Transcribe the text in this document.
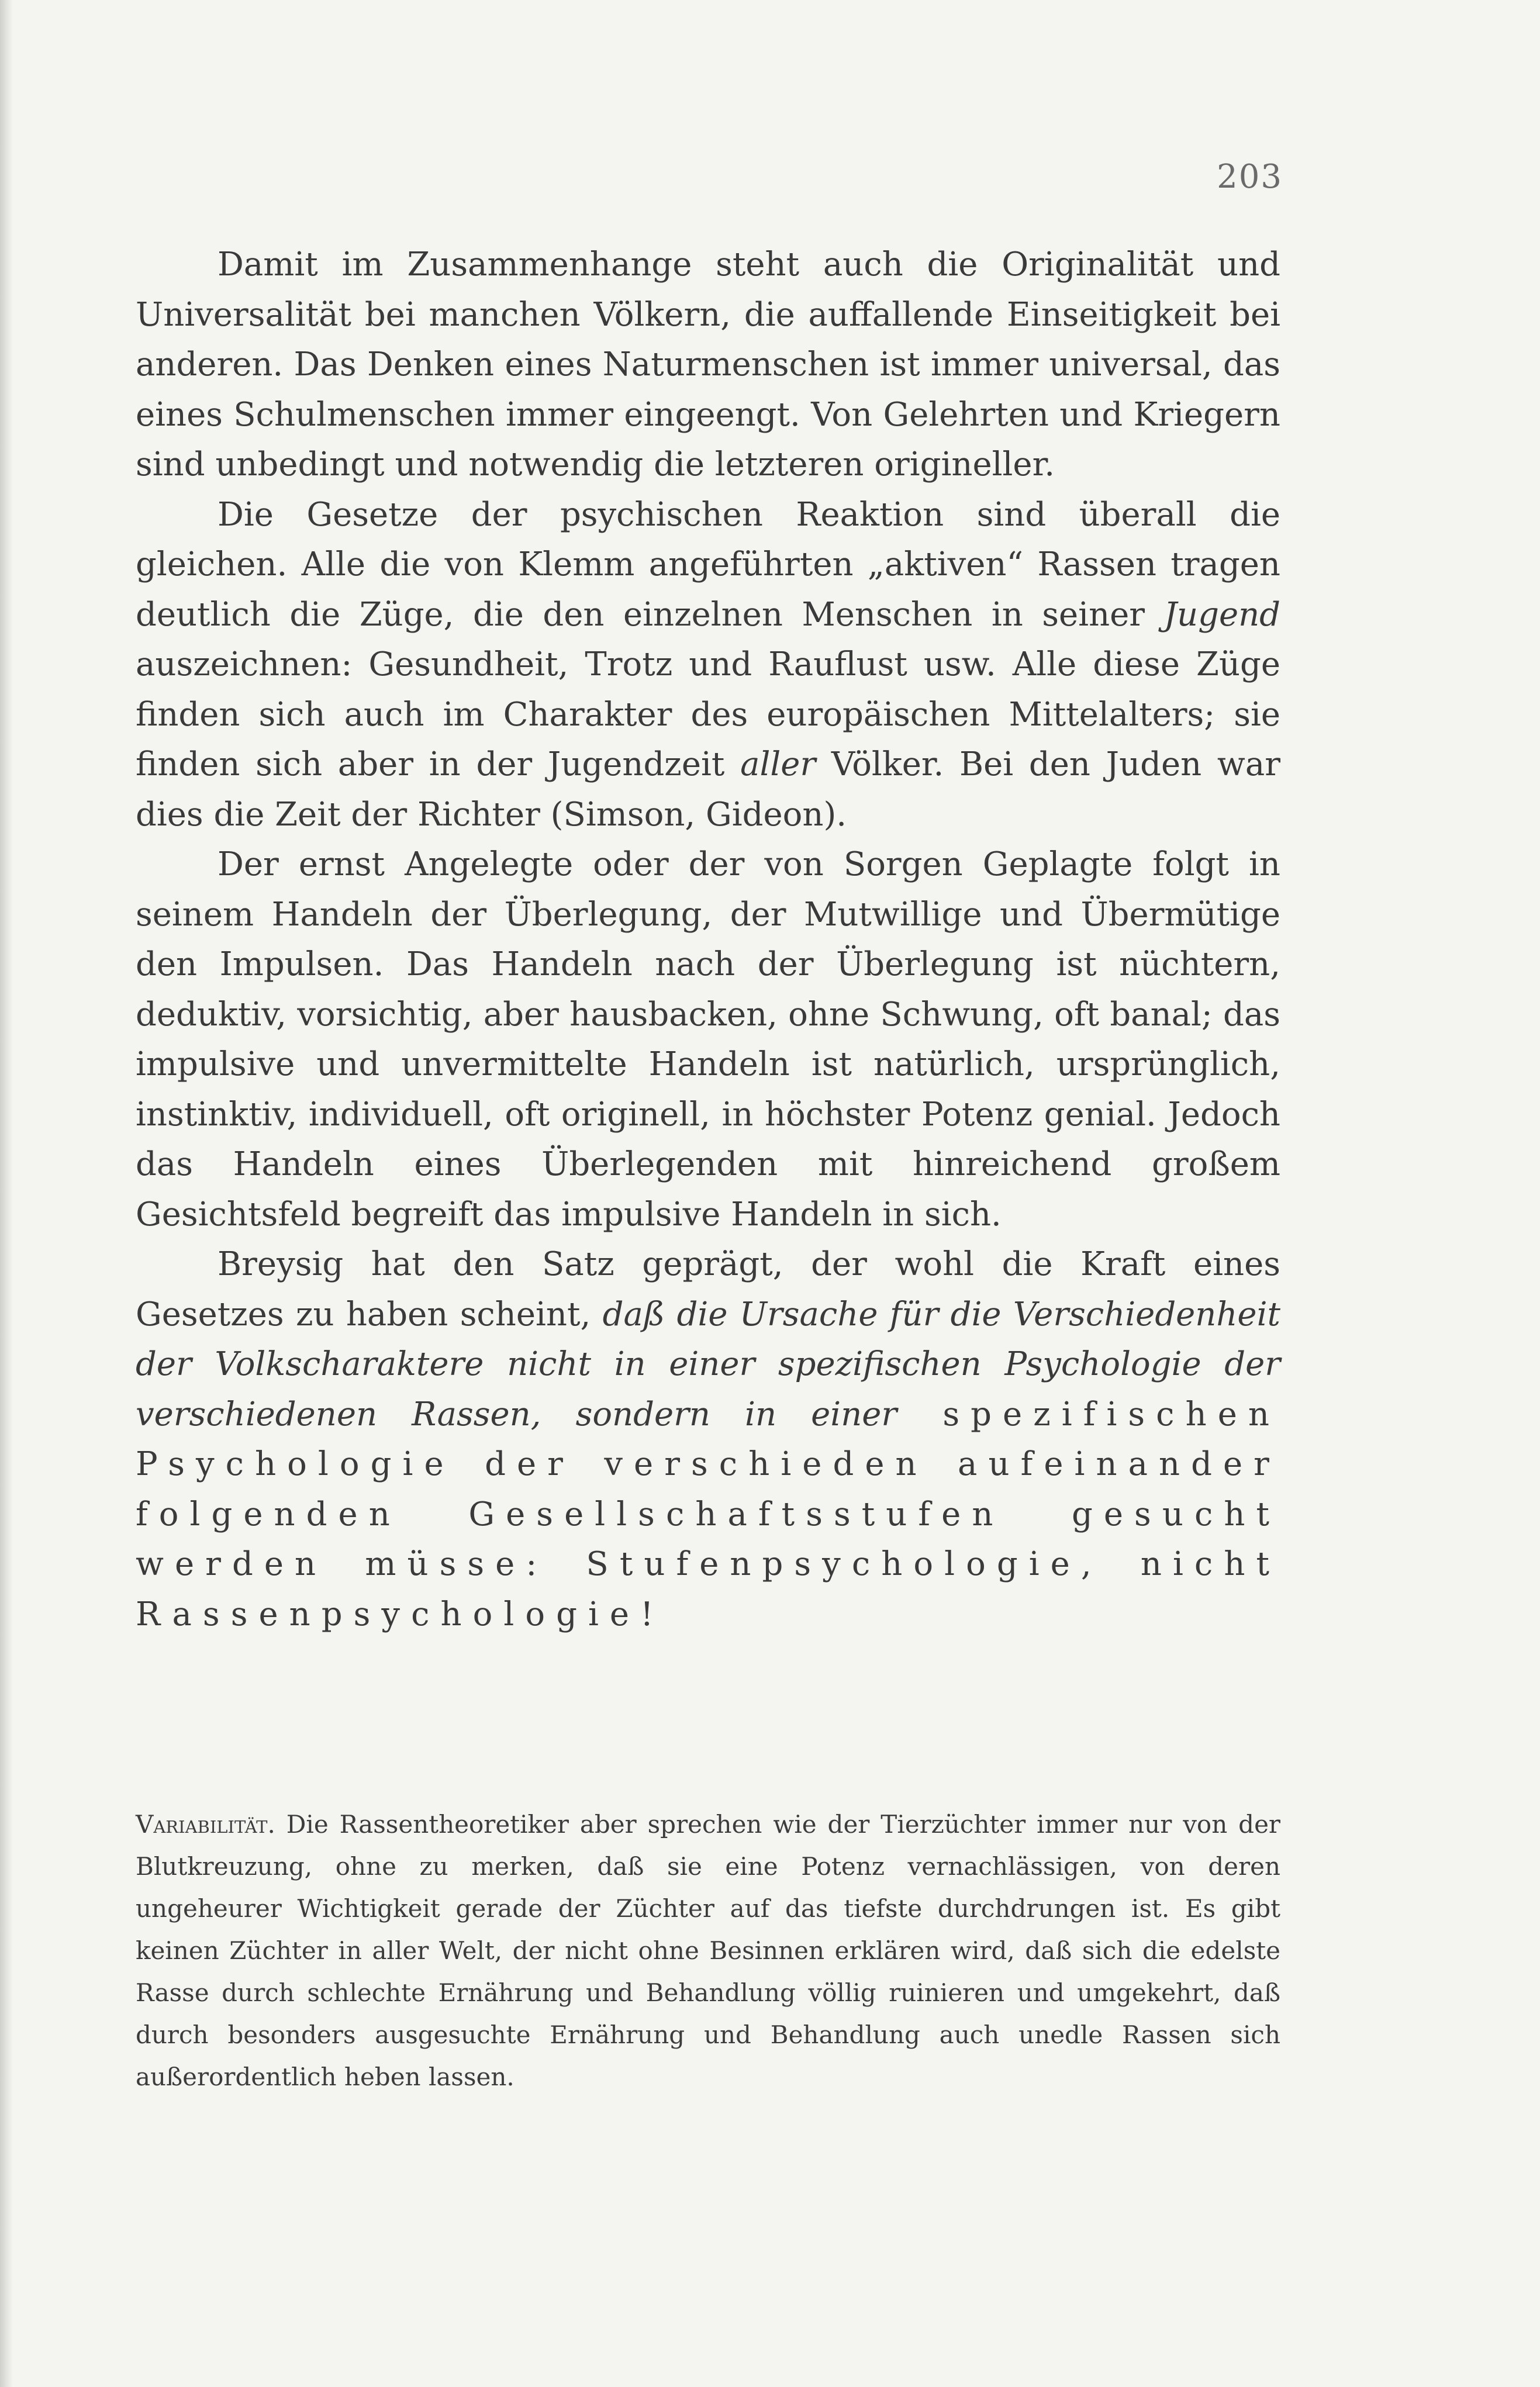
203

Damit im Zusammenhange steht auch die Originalität und Universalität bei manchen Völkern, die auffallende Einseitigkeit bei anderen. Das Denken eines Naturmenschen ist immer universal, das eines Schulmenschen immer eingeengt. Von Gelehrten und Kriegern sind unbedingt und notwendig die letzteren origineller.

Die Gesetze der psychischen Reaktion sind überall die gleichen. Alle die von Klemm angeführten „aktiven“ Rassen tragen deutlich die Züge, die den einzelnen Menschen in seiner Jugend auszeichnen: Gesundheit, Trotz und Rauflust usw. Alle diese Züge finden sich auch im Charakter des europäischen Mittelalters; sie finden sich aber in der Jugendzeit aller Völker. Bei den Juden war dies die Zeit der Richter (Simson, Gideon).

Der ernst Angelegte oder der von Sorgen Geplagte folgt in seinem Handeln der Überlegung, der Mutwillige und Übermütige den Impulsen. Das Handeln nach der Überlegung ist nüchtern, deduktiv, vorsichtig, aber hausbacken, ohne Schwung, oft banal; das impulsive und unvermittelte Handeln ist natürlich, ursprünglich, instinktiv, individuell, oft originell, in höchster Potenz genial. Jedoch das Handeln eines Überlegenden mit hinreichend großem Gesichtsfeld begreift das impulsive Handeln in sich.

Breysig hat den Satz geprägt, der wohl die Kraft eines Gesetzes zu haben scheint, daß die Ursache für die Verschiedenheit der Volkscharaktere nicht in einer spezifischen Psychologie der verschiedenen Rassen, sondern in einer spezifischen Psychologie der verschieden aufeinander folgenden Gesellschaftsstufen gesucht werden müsse: Stufenpsychologie, nicht Rassenpsychologie!

Variabilität. Die Rassentheoretiker aber sprechen wie der Tierzüchter immer nur von der Blutkreuzung, ohne zu merken, daß sie eine Potenz vernachlässigen, von deren ungeheurer Wichtigkeit gerade der Züchter auf das tiefste durchdrungen ist. Es gibt keinen Züchter in aller Welt, der nicht ohne Besinnen erklären wird, daß sich die edelste Rasse durch schlechte Ernährung und Behandlung völlig ruinieren und umgekehrt, daß durch besonders ausgesuchte Ernährung und Behandlung auch unedle Rassen sich außerordentlich heben lassen.
